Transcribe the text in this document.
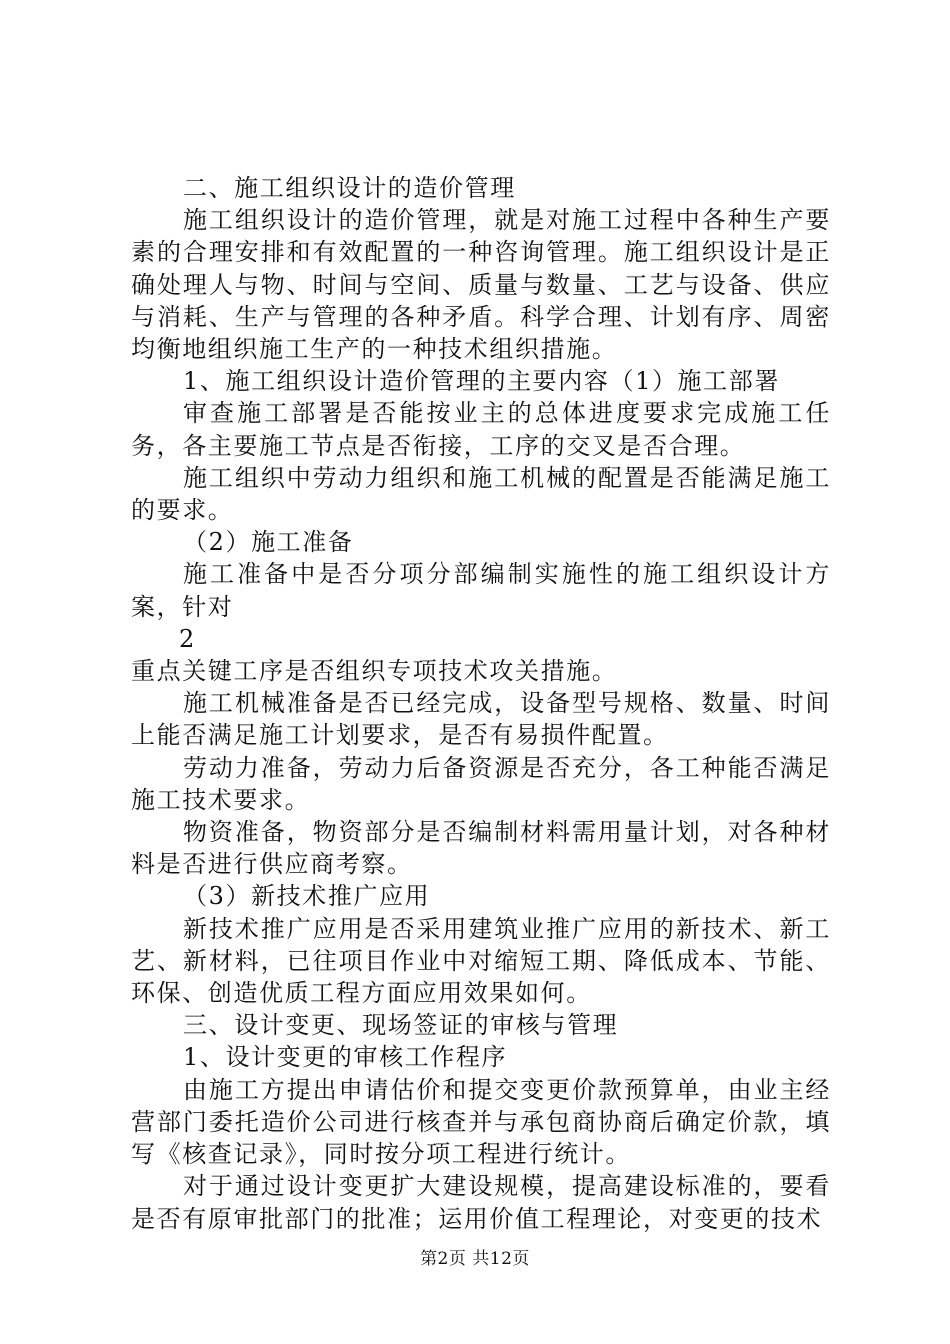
二、施工组织设计的造价管理

施工组织设计的造价管理，就是对施工过程中各种生产要素的合理安排和有效配置的一种咨询管理。施工组织设计是正确处理人与物、时间与空间、质量与数量、工艺与设备、供应与消耗、生产与管理的各种矛盾。科学合理、计划有序、周密均衡地组织施工生产的一种技术组织措施。

1、施工组织设计造价管理的主要内容（1）施工部署

审查施工部署是否能按业主的总体进度要求完成施工任务，各主要施工节点是否衔接，工序的交叉是否合理。

施工组织中劳动力组织和施工机械的配置是否能满足施工的要求。

（2）施工准备

施工准备中是否分项分部编制实施性的施工组织设计方案，针对

2

重点关键工序是否组织专项技术攻关措施。

施工机械准备是否已经完成，设备型号规格、数量、时间上能否满足施工计划要求，是否有易损件配置。

劳动力准备，劳动力后备资源是否充分，各工种能否满足施工技术要求。

物资准备，物资部分是否编制材料需用量计划，对各种材料是否进行供应商考察。

（3）新技术推广应用

新技术推广应用是否采用建筑业推广应用的新技术、新工艺、新材料，已往项目作业中对缩短工期、降低成本、节能、环保、创造优质工程方面应用效果如何。

三、设计变更、现场签证的审核与管理

1、设计变更的审核工作程序

由施工方提出申请估价和提交变更价款预算单，由业主经营部门委托造价公司进行核查并与承包商协商后确定价款，填写《核查记录》，同时按分项工程进行统计。

对于通过设计变更扩大建设规模，提高建设标准的，要看是否有原审批部门的批准；运用价值工程理论，对变更的技术

第2页 共12页
